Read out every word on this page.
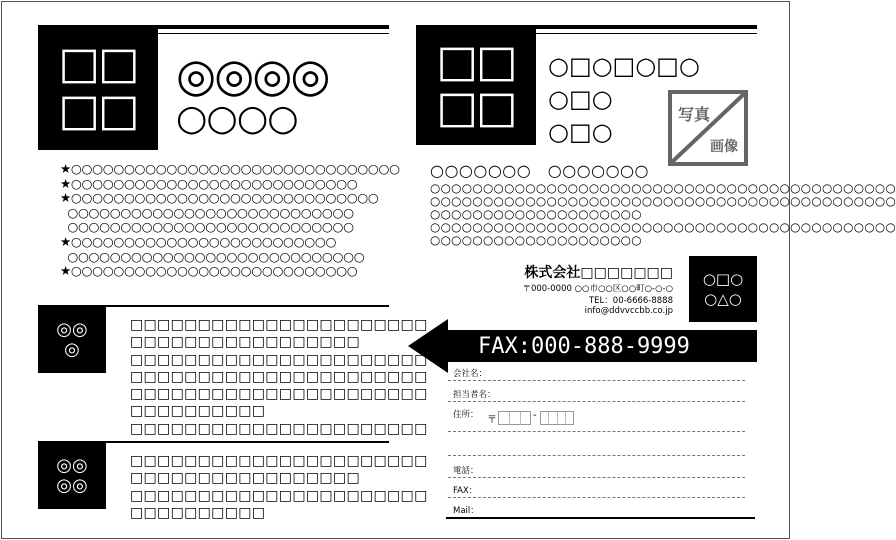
□□
□□
◎◎◎◎
○○○○
★○○○○○○○○○○○○○○○○○○○○○○○○○○○○○○○
★○○○○○○○○○○○○○○○○○○○○○○○○○○○
★○○○○○○○○○○○○○○○○○○○○○○○○○○○○○
○○○○○○○○○○○○○○○○○○○○○○○○○○○
○○○○○○○○○○○○○○○○○○○○○○○○○○○
★○○○○○○○○○○○○○○○○○○○○○○○○○
○○○○○○○○○○○○○○○○○○○○○○○○○○○○
★○○○○○○○○○○○○○○○○○○○○○○○○○○○
◎◎
◎
□□□□□□□□□□□□□□□□□□□□□□
□□□□□□□□□□□□□□□□□
□□□□□□□□□□□□□□□□□□□□□□
□□□□□□□□□□□□□□□□□□□□□□
□□□□□□□□□□□□□□□□□□□□□□
□□□□□□□□□□
□□□□□□□□□□□□□□□□□□□□□□
◎◎
◎◎
□□□□□□□□□□□□□□□□□□□□□□
□□□□□□□□□□□□□□□□□
□□□□□□□□□□□□□□□□□□□□□□
□□□□□□□□□□
□□
□□
○□○□○□○
○□○
○□○
写真
画像
○○○○○○○　○○○○○○○
○○○○○○○○○○○○○○○○○○○○○○○○○○○○○○○○○○○○○○○○○○○○
○○○○○○○○○○○○○○○○○○○○○○○○○○○○○○○○○○○○○○○○○○○○
○○○○○○○○○○○○○○○○○○○○
○○○○○○○○○○○○○○○○○○○○○○○○○○○○○○○○○○○○○○○○○○○○
○○○○○○○○○○○○○○○○○○○○
株式会社□□□□□□□
〒000-0000 ○○市○○区○○町○-○-○
TEL：00-6666-8888
info@ddvvccbb.co.jp
○□○
○△○
FAX:000-888-9999
会社名：
担当者名：
住所： 〒	-
電話：
FAX：
Mail：
